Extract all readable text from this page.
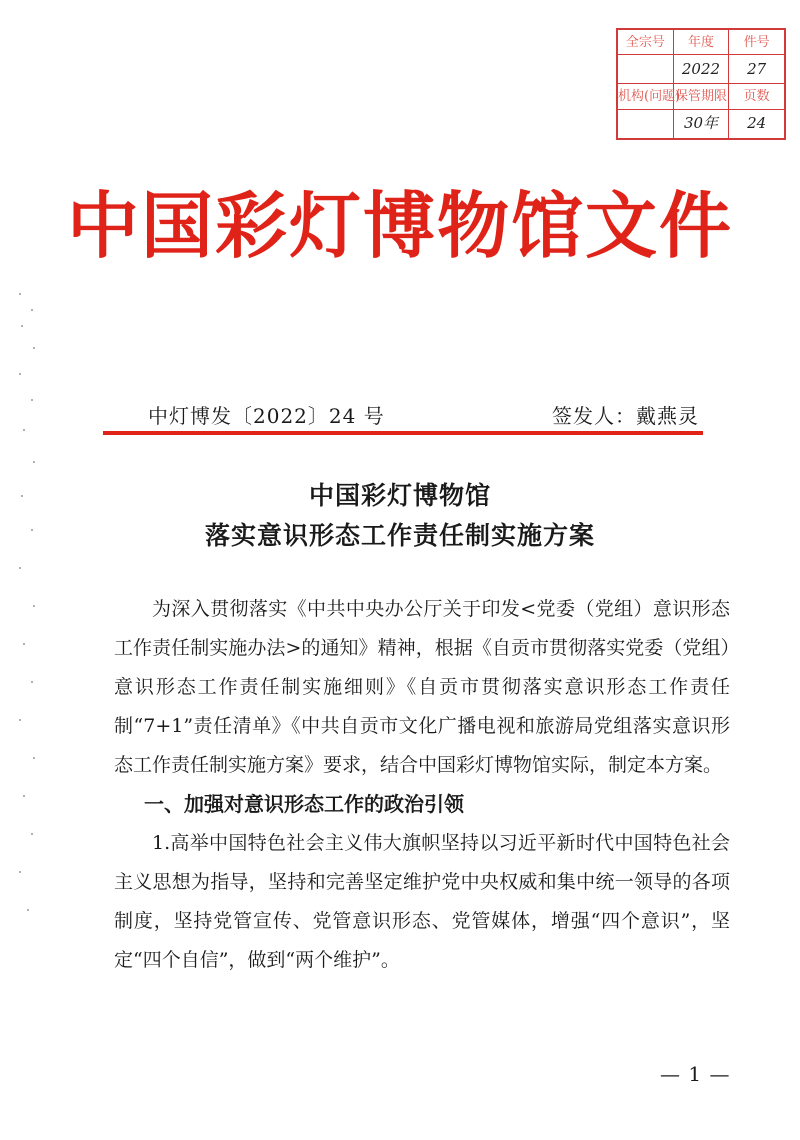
全宗号	年度	件号
	2022	27
机构(问题)	保管期限	页数
	30年	24
中国彩灯博物馆文件
中灯博发〔2022〕24 号	签发人：戴燕灵
中国彩灯博物馆
落实意识形态工作责任制实施方案

为深入贯彻落实《中共中央办公厅关于印发<党委（党组）意识形态工作责任制实施办法>的通知》精神，根据《自贡市贯彻落实党委（党组）意识形态工作责任制实施细则》《自贡市贯彻落实意识形态工作责任制“7+1”责任清单》《中共自贡市文化广播电视和旅游局党组落实意识形态工作责任制实施方案》要求，结合中国彩灯博物馆实际，制定本方案。

一、加强对意识形态工作的政治引领

1.高举中国特色社会主义伟大旗帜坚持以习近平新时代中国特色社会主义思想为指导，坚持和完善坚定维护党中央权威和集中统一领导的各项制度，坚持党管宣传、党管意识形态、党管媒体，增强“四个意识”，坚定“四个自信”，做到“两个维护”。

— 1 —
